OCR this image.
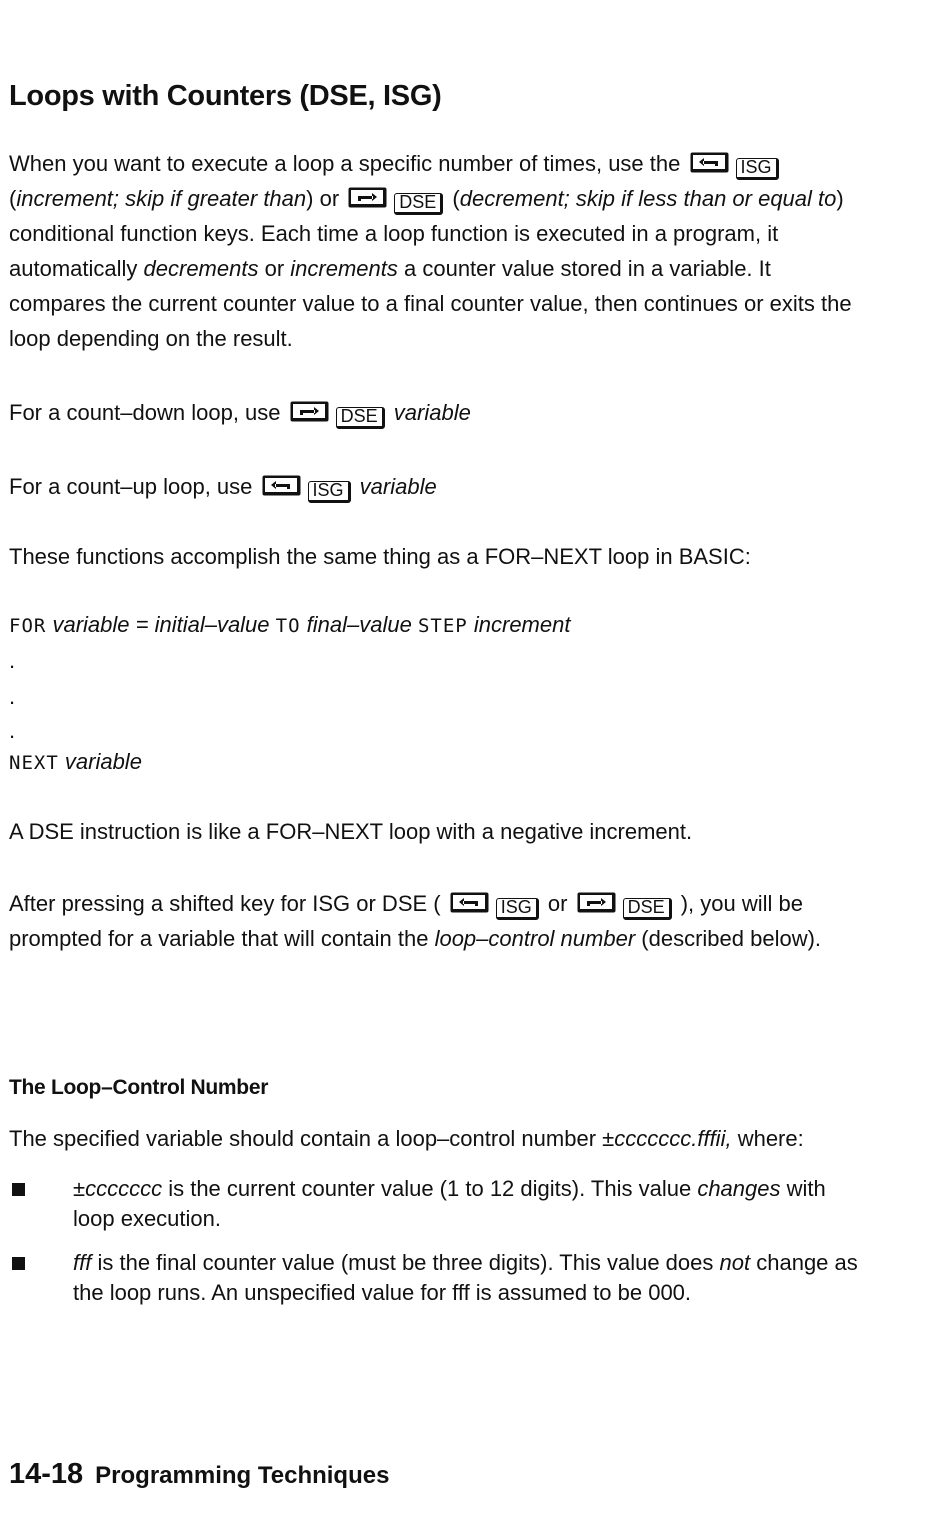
Loops with Counters (DSE, ISG)
When you want to execute a loop a specific number of times, use the	ISG (increment; skip if greater than) or	DSE (decrement; skip if less than or equal to) conditional function keys. Each time a loop function is executed in a program, it automatically decrements or increments a counter value stored in a variable. It compares the current counter value to a final counter value, then continues or exits the loop depending on the result.
For a count–down loop, use	DSE variable
For a count–up loop, use	ISG variable
These functions accomplish the same thing as a FOR–NEXT loop in BASIC:
FOR variable = initial–value TO final–value STEP increment
.
.
.
NEXT variable
A DSE instruction is like a FOR–NEXT loop with a negative increment.
After pressing a shifted key for ISG or DSE (	ISG or	DSE ), you will be prompted for a variable that will contain the loop–control number (described below).
The Loop–Control Number
The specified variable should contain a loop–control number ±ccccccc.fffii, where:
±ccccccc is the current counter value (1 to 12 digits). This value changes with loop execution.
fff is the final counter value (must be three digits). This value does not change as the loop runs. An unspecified value for fff is assumed to be 000.
14-18 Programming Techniques
